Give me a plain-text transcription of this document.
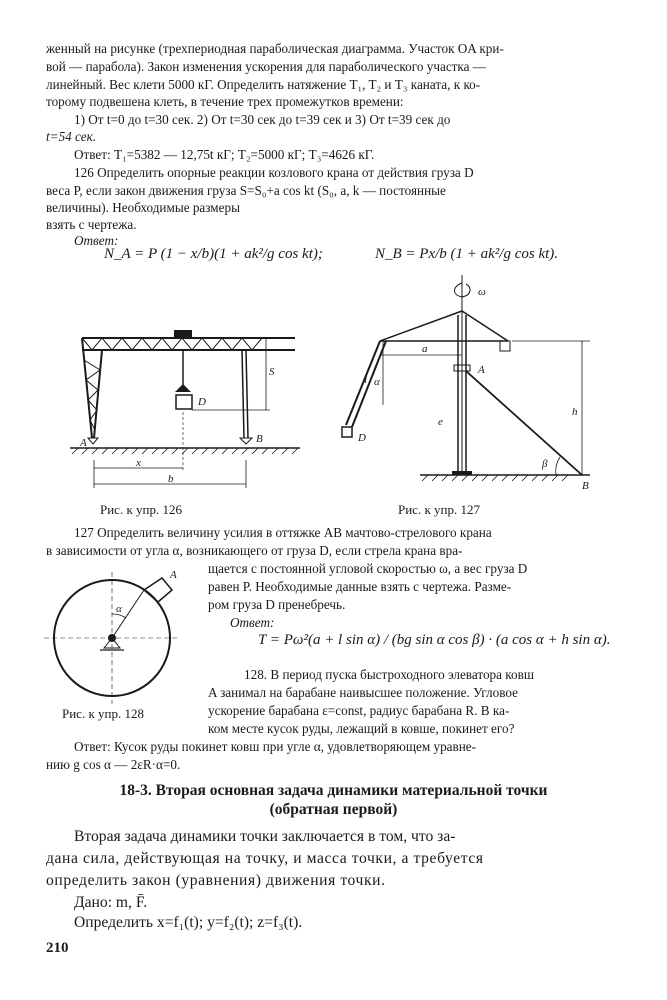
женный на рисунке (трехпериодная параболическая диаграмма. Участок OA кри-
вой — парабола). Закон изменения ускорения для параболического участка —
линейный. Вес клети 5000 кГ. Определить натяжение T₁, T₂ и T₃ каната, к ко-
торому подвешена клеть, в течение трех промежутков времени:
1) От t=0 до t=30 сек. 2) От t=30 сек до t=39 сек и 3) От t=39 сек до
t=54 сек.
Ответ: T₁=5382 — 12,75t кГ; T₂=5000 кГ; T₃=4626 кГ.
126 Определить опорные реакции козлового крана от действия груза D
веса P, если закон движения груза S=S₀+a cos kt (S₀, a, k — постоянные
величины). Необходимые размеры
взять с чертежа.
Ответ:
N_A = P (1 − x/b)(1 + ak²/g cos kt);	N_B = Px/b (1 + ak²/g cos kt).
D
S
A	B
x
b
Рис. к упр. 126
ω
a
l α
D
A
β
h
e
B
Рис. к упр. 127
127 Определить величину усилия в оттяжке AB мачтово-стрелового крана
в зависимости от угла α, возникающего от груза D, если стрела крана вра-
щается с постоянной угловой скоростью ω, а вес груза D
равен P. Необходимые данные взять с чертежа. Разме-
ром груза D пренебречь.
Ответ:
T = Pω²(a + l sin α) / (bg sin α cos β) · (a cos α + h sin α).
α
A
Рис. к упр. 128
128. В период пуска быстроходного элеватора ковш
A занимал на барабане наивысшее положение. Угловое
ускорение барабана ε=const, радиус барабана R. В ка-
ком месте кусок руды, лежащий в ковше, покинет его?
Ответ: Кусок руды покинет ковш при угле α, удовлетворяющем уравне-
нию g cos α — 2εR·α=0.
18-3. Вторая основная задача динамики материальной точки
(обратная первой)
Вторая задача динамики точки заключается в том, что за-
дана сила, действующая на точку, и масса точки, а требуется
определить закон (уравнения) движения точки.
Дано: m, F̄.
Определить x=f₁(t); y=f₂(t); z=f₃(t).
210
